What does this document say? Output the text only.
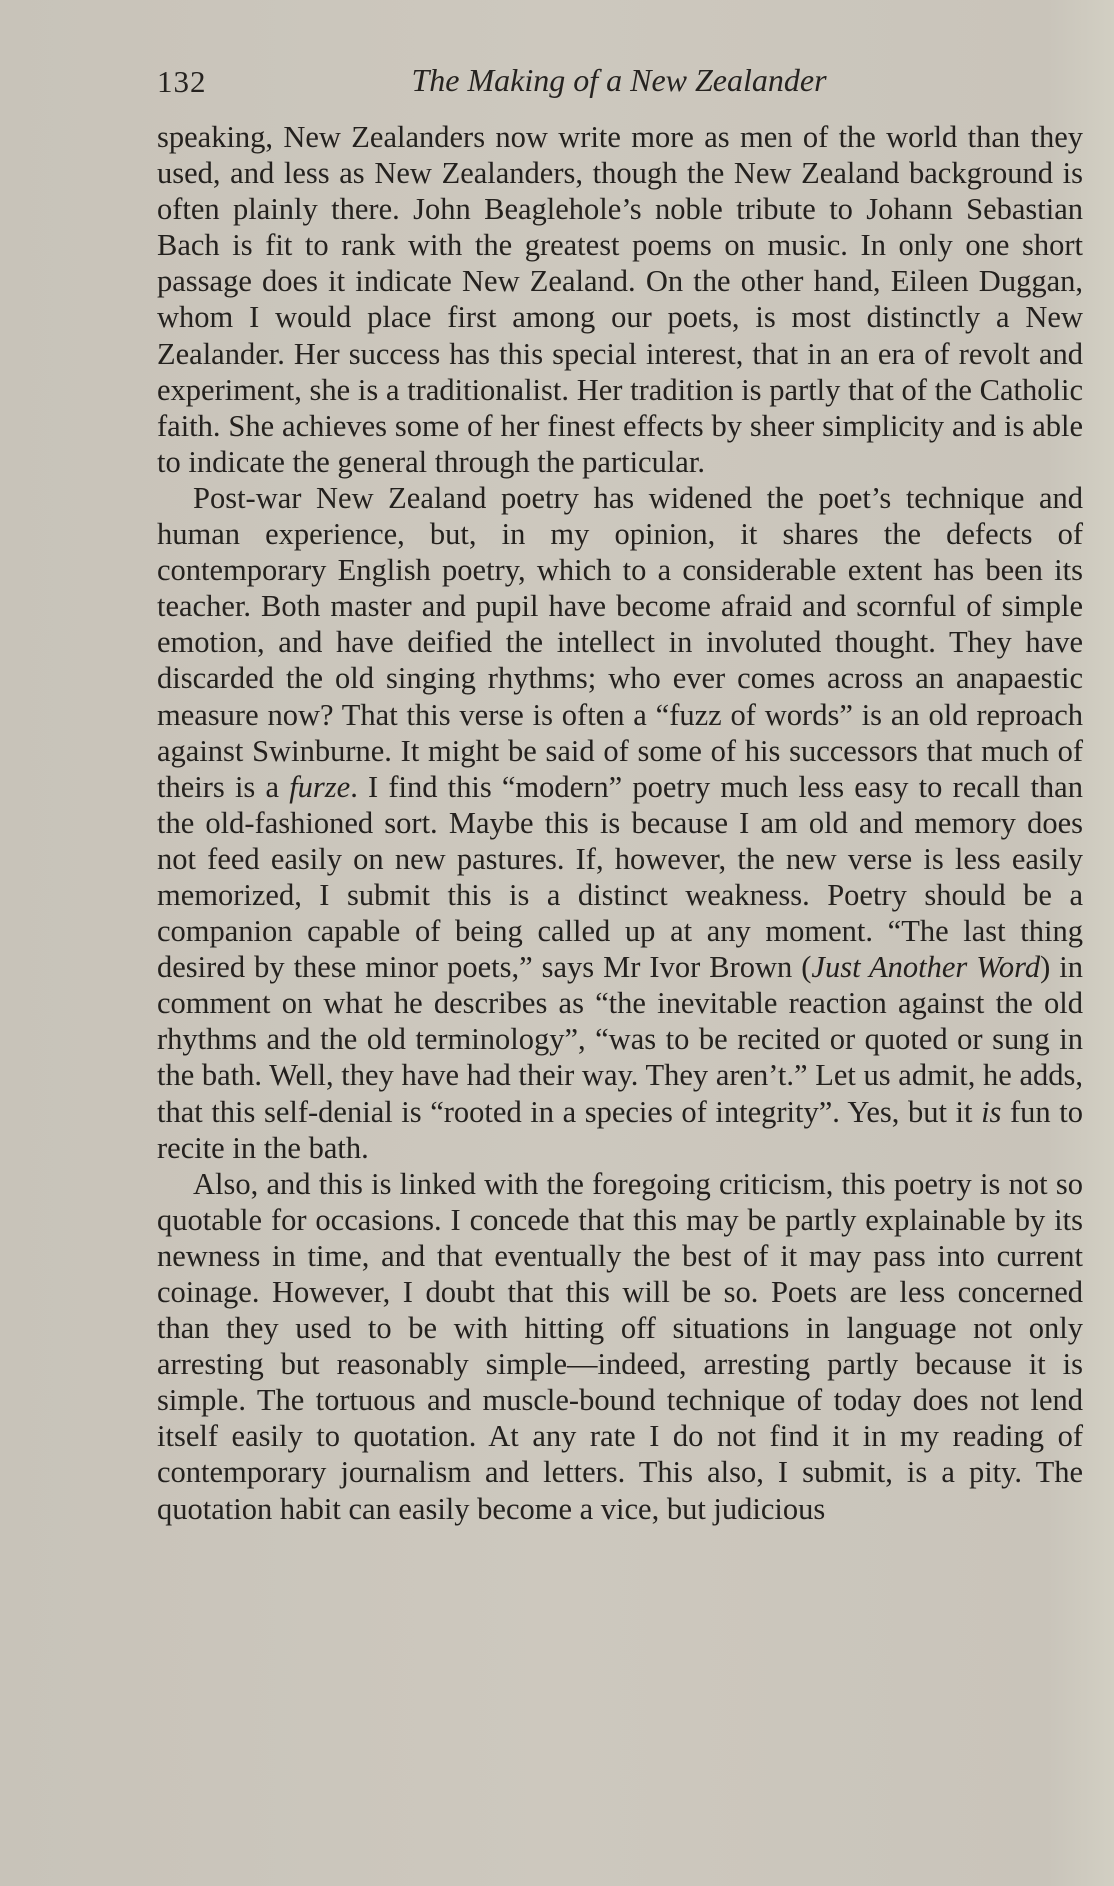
132	The Making of a New Zealander

speaking, New Zealanders now write more as men of the world than they used, and less as New Zealanders, though the New Zealand background is often plainly there. John Beaglehole’s noble tribute to Johann Sebastian Bach is fit to rank with the greatest poems on music. In only one short passage does it indicate New Zealand. On the other hand, Eileen Duggan, whom I would place first among our poets, is most distinctly a New Zealander. Her success has this special interest, that in an era of revolt and experiment, she is a traditionalist. Her tradition is partly that of the Catholic faith. She achieves some of her finest effects by sheer simplicity and is able to indicate the general through the particular.

Post-war New Zealand poetry has widened the poet’s technique and human experience, but, in my opinion, it shares the defects of contemporary English poetry, which to a considerable extent has been its teacher. Both master and pupil have become afraid and scornful of simple emotion, and have deified the intellect in involuted thought. They have discarded the old singing rhythms; who ever comes across an anapaestic measure now? That this verse is often a “fuzz of words” is an old reproach against Swinburne. It might be said of some of his successors that much of theirs is a furze. I find this “modern” poetry much less easy to recall than the old-fashioned sort. Maybe this is because I am old and memory does not feed easily on new pastures. If, however, the new verse is less easily memorized, I submit this is a distinct weakness. Poetry should be a companion capable of being called up at any moment. “The last thing desired by these minor poets,” says Mr Ivor Brown (Just Another Word) in comment on what he describes as “the inevitable reaction against the old rhythms and the old terminology”, “was to be recited or quoted or sung in the bath. Well, they have had their way. They aren’t.” Let us admit, he adds, that this self-denial is “rooted in a species of integrity”. Yes, but it is fun to recite in the bath.

Also, and this is linked with the foregoing criticism, this poetry is not so quotable for occasions. I concede that this may be partly explainable by its newness in time, and that eventually the best of it may pass into current coinage. However, I doubt that this will be so. Poets are less concerned than they used to be with hitting off situations in language not only arresting but reasonably simple—indeed, arresting partly because it is simple. The tortuous and muscle-bound technique of today does not lend itself easily to quotation. At any rate I do not find it in my reading of contemporary journalism and letters. This also, I submit, is a pity. The quotation habit can easily become a vice, but judicious
